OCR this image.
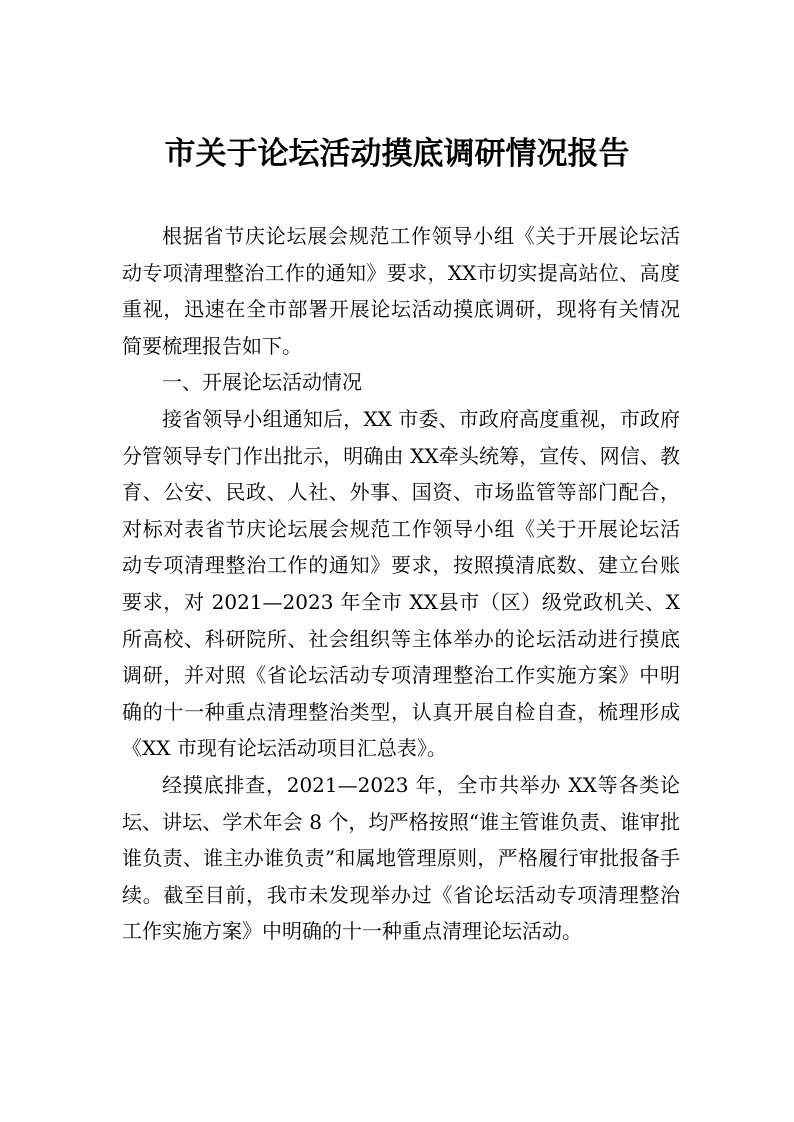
市关于论坛活动摸底调研情况报告

根据省节庆论坛展会规范工作领导小组《关于开展论坛活动专项清理整治工作的通知》要求，XX市切实提高站位、高度重视，迅速在全市部署开展论坛活动摸底调研，现将有关情况简要梳理报告如下。

一、开展论坛活动情况

接省领导小组通知后，XX 市委、市政府高度重视，市政府分管领导专门作出批示，明确由 XX牵头统筹，宣传、网信、教育、公安、民政、人社、外事、国资、市场监管等部门配合，对标对表省节庆论坛展会规范工作领导小组《关于开展论坛活动专项清理整治工作的通知》要求，按照摸清底数、建立台账要求，对 2021—2023 年全市 XX县市（区）级党政机关、X所高校、科研院所、社会组织等主体举办的论坛活动进行摸底调研，并对照《省论坛活动专项清理整治工作实施方案》中明确的十一种重点清理整治类型，认真开展自检自查，梳理形成《XX 市现有论坛活动项目汇总表》。

经摸底排查，2021—2023 年，全市共举办 XX等各类论坛、讲坛、学术年会 8 个，均严格按照“谁主管谁负责、谁审批谁负责、谁主办谁负责”和属地管理原则，严格履行审批报备手续。截至目前，我市未发现举办过《省论坛活动专项清理整治工作实施方案》中明确的十一种重点清理论坛活动。
